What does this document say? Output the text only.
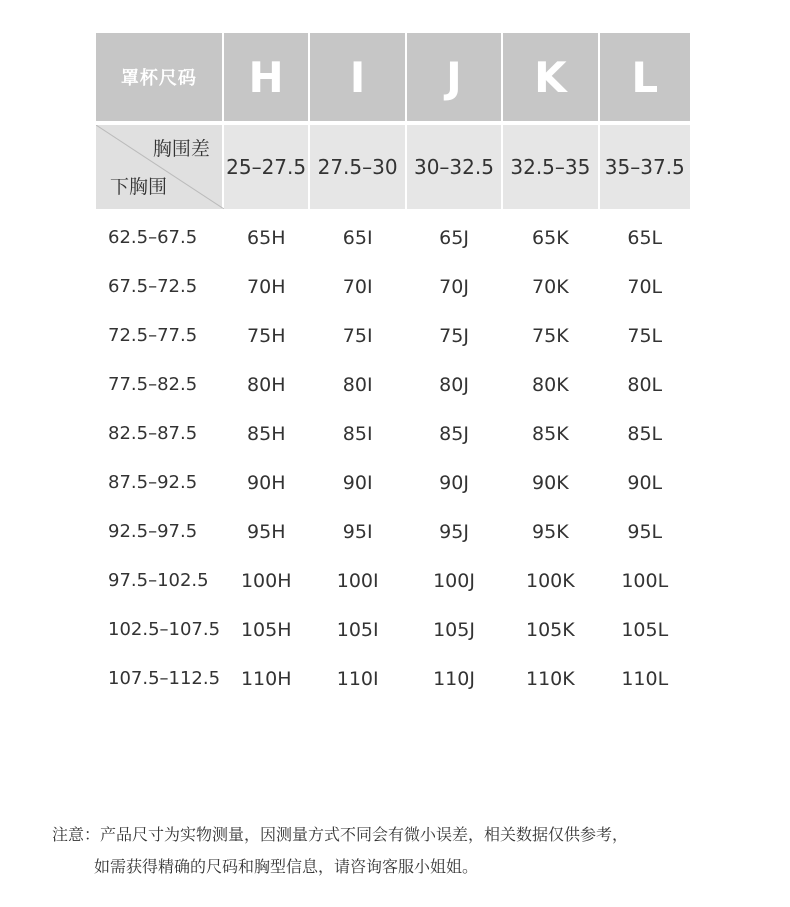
罩杯尺码 H I J K L
胸围差
下胸围
25–27.5 27.5–30 30–32.5 32.5–35 35–37.5
62.5–67.5	65H	65I	65J	65K	65L
67.5–72.5	70H	70I	70J	70K	70L
72.5–77.5	75H	75I	75J	75K	75L
77.5–82.5	80H	80I	80J	80K	80L
82.5–87.5	85H	85I	85J	85K	85L
87.5–92.5	90H	90I	90J	90K	90L
92.5–97.5	95H	95I	95J	95K	95L
97.5–102.5	100H	100I	100J	100K	100L
102.5–107.5	105H	105I	105J	105K	105L
107.5–112.5	110H	110I	110J	110K	110L
注意：产品尺寸为实物测量，因测量方式不同会有微小误差，相关数据仅供参考，
如需获得精确的尺码和胸型信息，请咨询客服小姐姐。
